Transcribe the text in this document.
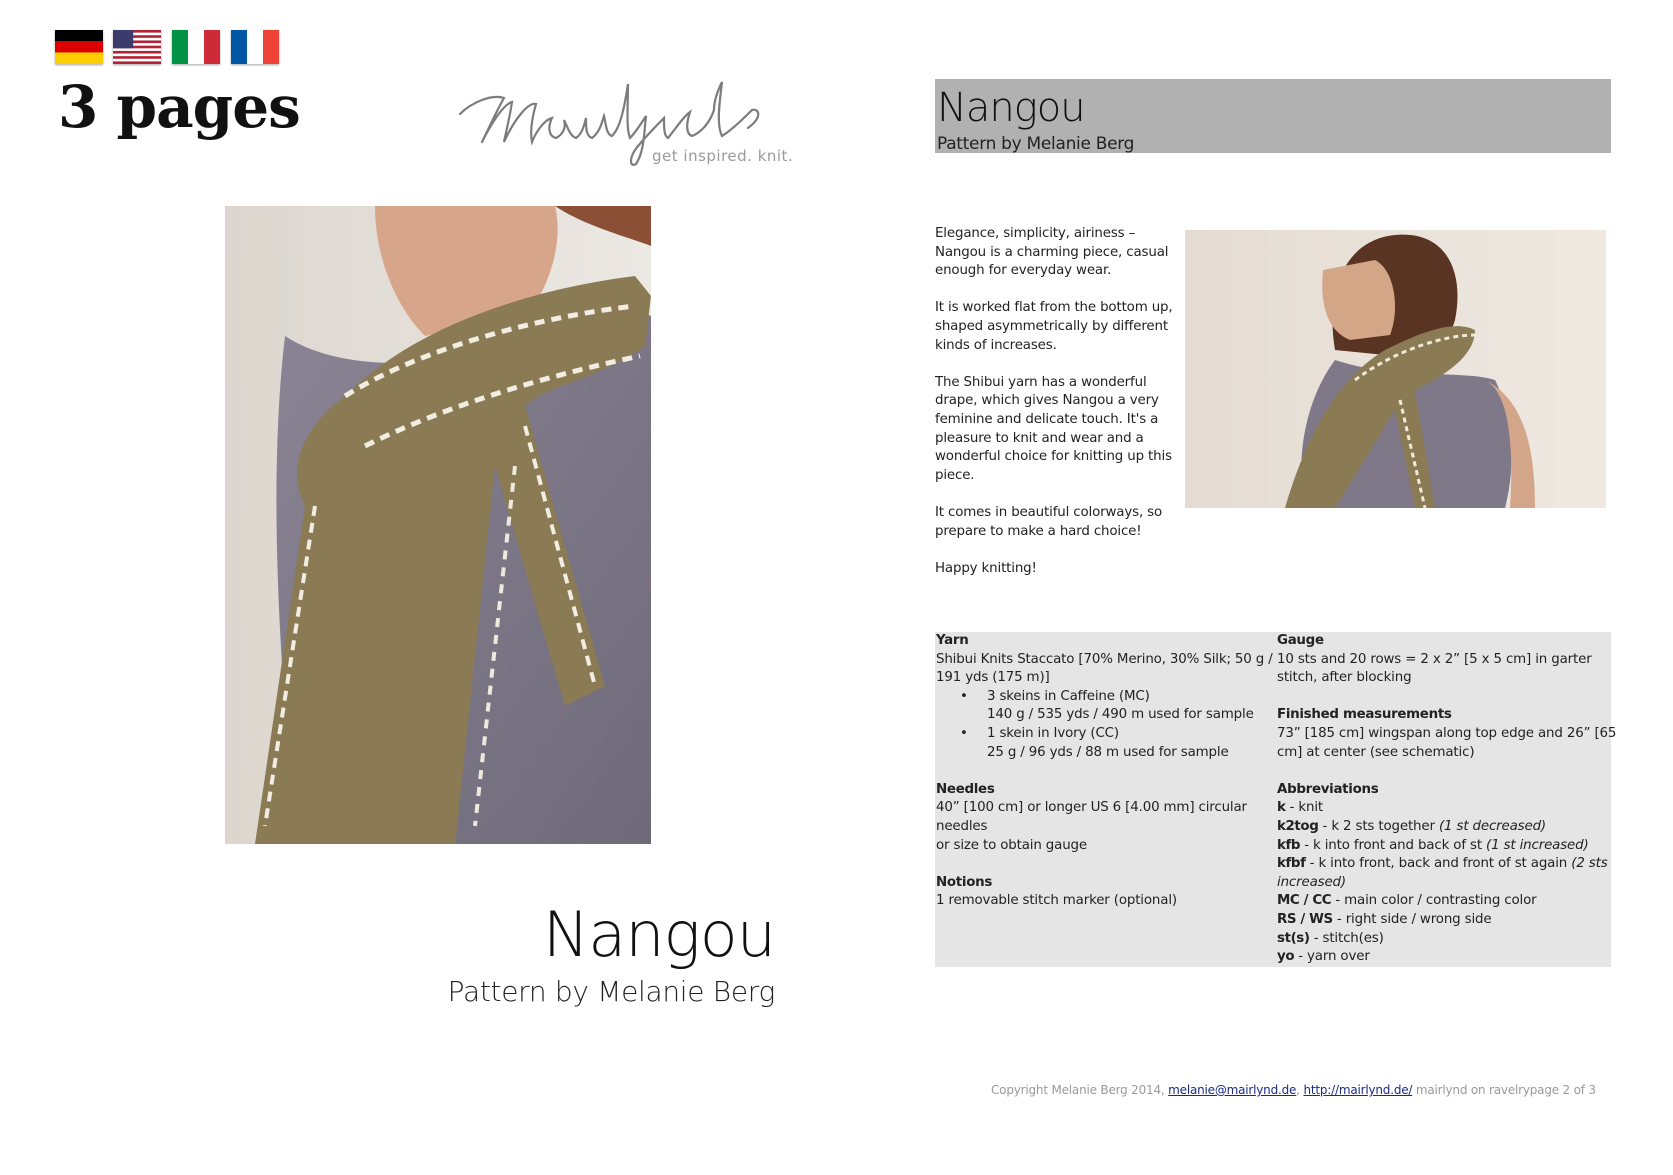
3 pages
get inspired. knit.
Nangou
Pattern by Melanie Berg
Nangou
Pattern by Melanie Berg

Elegance, simplicity, airiness – Nangou is a charming piece, casual enough for everyday wear.

It is worked flat from the bottom up, shaped asymmetrically by different kinds of increases.

The Shibui yarn has a wonderful drape, which gives Nangou a very feminine and delicate touch. It's a pleasure to knit and wear and a wonderful choice for knitting up this piece.

It comes in beautiful colorways, so prepare to make a hard choice!

Happy knitting!

Yarn
Shibui Knits Staccato [70% Merino, 30% Silk; 50 g /
191 yds (175 m)]
• 3 skeins in Caffeine (MC)
140 g / 535 yds / 490 m used for sample
• 1 skein in Ivory (CC)
25 g / 96 yds / 88 m used for sample
Needles
40” [100 cm] or longer US 6 [4.00 mm] circular
needles
or size to obtain gauge
Notions
1 removable stitch marker (optional)
Gauge
10 sts and 20 rows = 2 x 2” [5 x 5 cm] in garter
stitch, after blocking
Finished measurements
73” [185 cm] wingspan along top edge and 26” [65
cm] at center (see schematic)
Abbreviations
k - knit
k2tog - k 2 sts together (1 st decreased)
kfb - k into front and back of st (1 st increased)
kfbf - k into front, back and front of st again (2 sts
increased)
MC / CC - main color / contrasting color
RS / WS - right side / wrong side
st(s) - stitch(es)
yo - yarn over
Copyright Melanie Berg 2014, melanie@mairlynd.de, http://mairlynd.de/ mairlynd on ravelrypage 2 of 3
